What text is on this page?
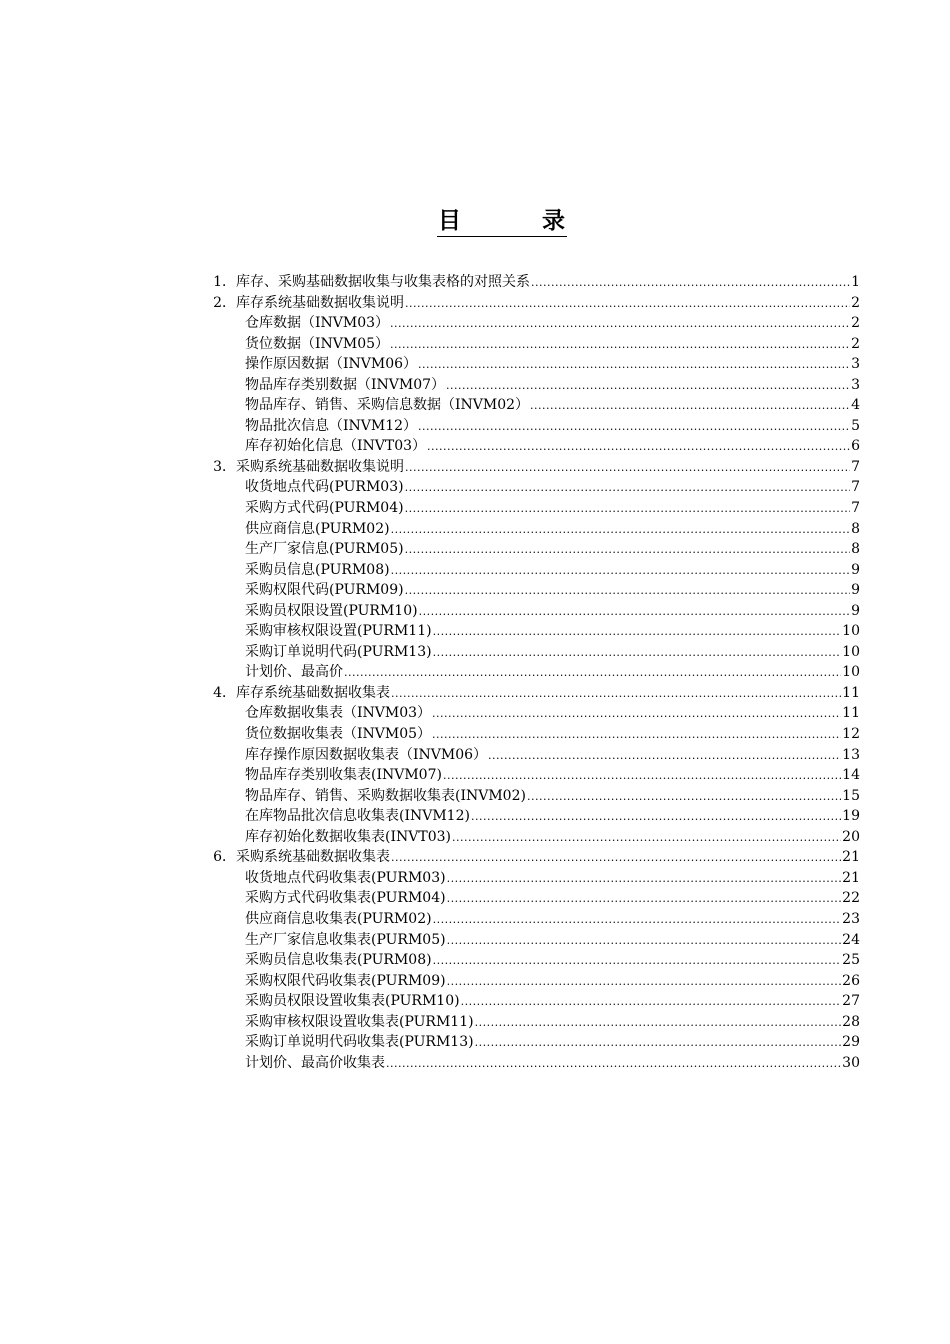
目	录
1． 库存、采购基础数据收集与收集表格的对照关系 .....	1
2． 库存系统基础数据收集说明 .....	2
仓库数据（INVM03） .....	2
货位数据（INVM05） .....	2
操作原因数据（INVM06） .....	3
物品库存类别数据（INVM07） .....	3
物品库存、销售、采购信息数据（INVM02） .....	4
物品批次信息（INVM12） .....	5
库存初始化信息（INVT03） .....	6
3． 采购系统基础数据收集说明 .....	7
收货地点代码(PURM03) .....	7
采购方式代码(PURM04) .....	7
供应商信息(PURM02) .....	8
生产厂家信息(PURM05) .....	8
采购员信息(PURM08) .....	9
采购权限代码(PURM09) .....	9
采购员权限设置(PURM10) .....	9
采购审核权限设置(PURM11) .....	10
采购订单说明代码(PURM13) .....	10
计划价、最高价 .....	10
4． 库存系统基础数据收集表 .....	11
仓库数据收集表（INVM03） .....	11
货位数据收集表（INVM05） .....	12
库存操作原因数据收集表（INVM06） .....	13
物品库存类别收集表(INVM07) .....	14
物品库存、销售、采购数据收集表(INVM02) .....	15
在库物品批次信息收集表(INVM12) .....	19
库存初始化数据收集表(INVT03) .....	20
6． 采购系统基础数据收集表 .....	21
收货地点代码收集表(PURM03) .....	21
采购方式代码收集表(PURM04) .....	22
供应商信息收集表(PURM02) .....	23
生产厂家信息收集表(PURM05) .....	24
采购员信息收集表(PURM08) .....	25
采购权限代码收集表(PURM09) .....	26
采购员权限设置收集表(PURM10) .....	27
采购审核权限设置收集表(PURM11) .....	28
采购订单说明代码收集表(PURM13) .....	29
计划价、最高价收集表 .....	30
